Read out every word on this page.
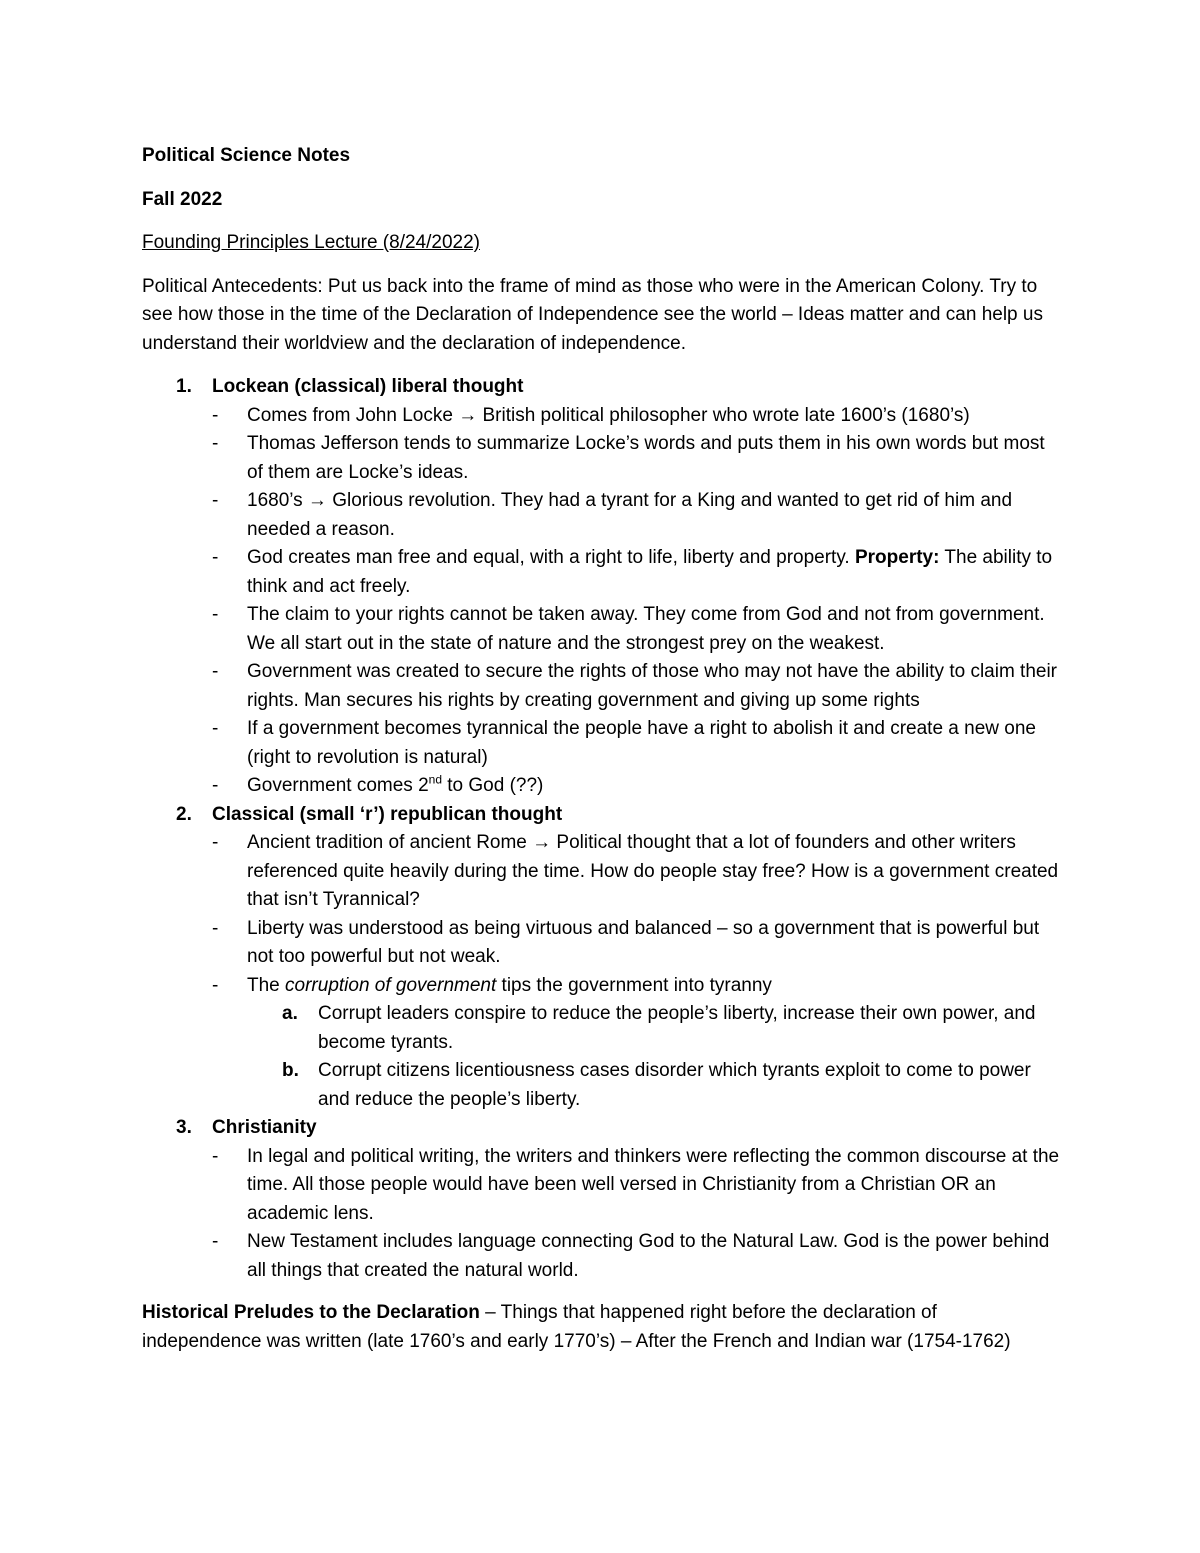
Political Science Notes

Fall 2022

Founding Principles Lecture (8/24/2022)

Political Antecedents: Put us back into the frame of mind as those who were in the American Colony. Try to see how those in the time of the Declaration of Independence see the world – Ideas matter and can help us understand their worldview and the declaration of independence.

1. Lockean (classical) liberal thought
- Comes from John Locke → British political philosopher who wrote late 1600’s (1680’s)
- Thomas Jefferson tends to summarize Locke’s words and puts them in his own words but most of them are Locke’s ideas.
- 1680’s → Glorious revolution. They had a tyrant for a King and wanted to get rid of him and needed a reason.
- God creates man free and equal, with a right to life, liberty and property. Property: The ability to think and act freely.
- The claim to your rights cannot be taken away. They come from God and not from government. We all start out in the state of nature and the strongest prey on the weakest.
- Government was created to secure the rights of those who may not have the ability to claim their rights. Man secures his rights by creating government and giving up some rights
- If a government becomes tyrannical the people have a right to abolish it and create a new one (right to revolution is natural)
- Government comes 2nd to God (??)
2. Classical (small ‘r’) republican thought
- Ancient tradition of ancient Rome → Political thought that a lot of founders and other writers referenced quite heavily during the time. How do people stay free? How is a government created that isn’t Tyrannical?
- Liberty was understood as being virtuous and balanced – so a government that is powerful but not too powerful but not weak.
- The corruption of government tips the government into tyranny
a. Corrupt leaders conspire to reduce the people’s liberty, increase their own power, and become tyrants.
b. Corrupt citizens licentiousness cases disorder which tyrants exploit to come to power and reduce the people’s liberty.
3. Christianity
- In legal and political writing, the writers and thinkers were reflecting the common discourse at the time. All those people would have been well versed in Christianity from a Christian OR an academic lens.
- New Testament includes language connecting God to the Natural Law. God is the power behind all things that created the natural world.

Historical Preludes to the Declaration – Things that happened right before the declaration of independence was written (late 1760’s and early 1770’s) – After the French and Indian war (1754-1762)
